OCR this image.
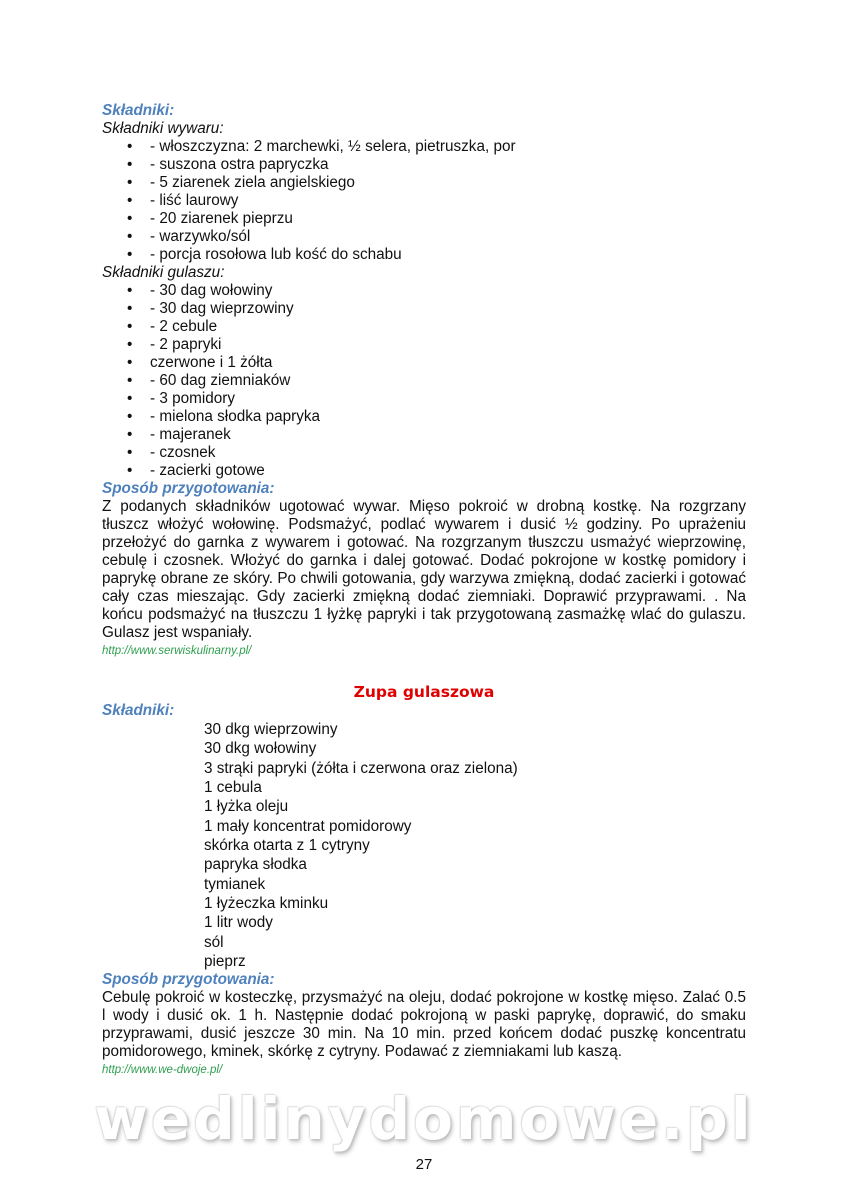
Składniki:
Składniki wywaru:
• - włoszczyzna: 2 marchewki, ½ selera, pietruszka, por
• - suszona ostra papryczka
• - 5 ziarenek ziela angielskiego
• - liść laurowy
• - 20 ziarenek pieprzu
• - warzywko/sól
• - porcja rosołowa lub kość do schabu
Składniki gulaszu:
• - 30 dag wołowiny
• - 30 dag wieprzowiny
• - 2 cebule
• - 2 papryki
• czerwone i 1 żółta
• - 60 dag ziemniaków
• - 3 pomidory
• - mielona słodka papryka
• - majeranek
• - czosnek
• - zacierki gotowe
Sposób przygotowania:
Z podanych składników ugotować wywar. Mięso pokroić w drobną kostkę. Na rozgrzany tłuszcz włożyć wołowinę. Podsmażyć, podlać wywarem i dusić ½ godziny. Po uprażeniu przełożyć do garnka z wywarem i gotować. Na rozgrzanym tłuszczu usmażyć wieprzowinę, cebulę i czosnek. Włożyć do garnka i dalej gotować. Dodać pokrojone w kostkę pomidory i paprykę obrane ze skóry. Po chwili gotowania, gdy warzywa zmiękną, dodać zacierki i gotować cały czas mieszając. Gdy zacierki zmiękną dodać ziemniaki. Doprawić przyprawami. . Na końcu podsmażyć na tłuszczu 1 łyżkę papryki i tak przygotowaną zasmażkę wlać do gulaszu. Gulasz jest wspaniały.
http://www.serwiskulinarny.pl/
Zupa gulaszowa
Składniki:
30 dkg wieprzowiny
30 dkg wołowiny
3 strąki papryki (żółta i czerwona oraz zielona)
1 cebula
1 łyżka oleju
1 mały koncentrat pomidorowy
skórka otarta z 1 cytryny
papryka słodka
tymianek
1 łyżeczka kminku
1 litr wody
sól
pieprz
Sposób przygotowania:
Cebulę pokroić w kosteczkę, przysmażyć na oleju, dodać pokrojone w kostkę mięso. Zalać 0.5 l wody i dusić ok. 1 h. Następnie dodać pokrojoną w paski paprykę, doprawić, do smaku przyprawami, dusić jeszcze 30 min. Na 10 min. przed końcem dodać puszkę koncentratu pomidorowego, kminek, skórkę z cytryny. Podawać z ziemniakami lub kaszą.
http://www.we-dwoje.pl/
wedlinydomowe.pl
27
